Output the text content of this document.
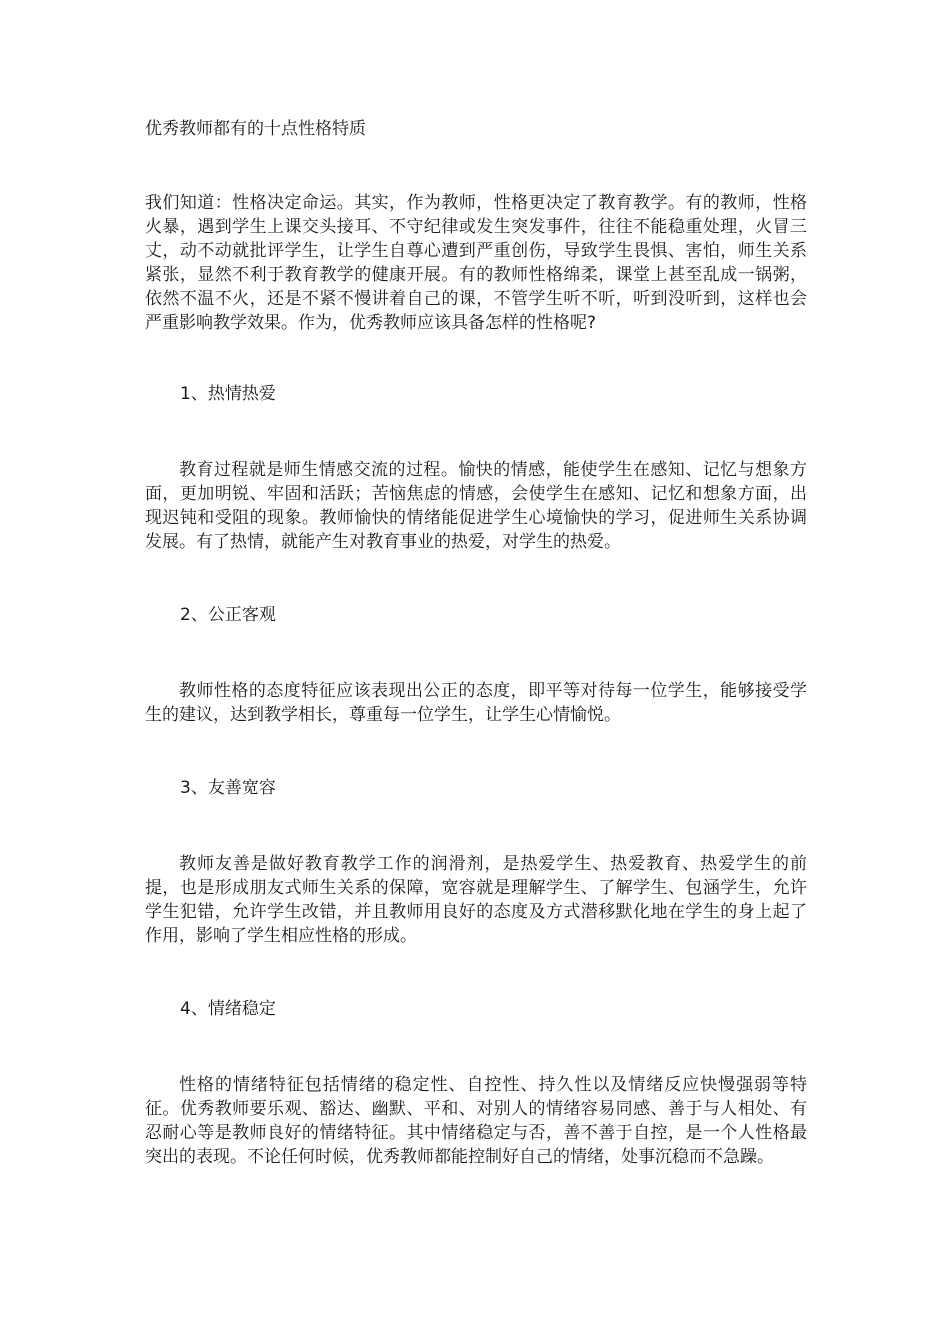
优秀教师都有的十点性格特质

我们知道：性格决定命运。其实，作为教师，性格更决定了教育教学。有的教师，性格火暴，遇到学生上课交头接耳、不守纪律或发生突发事件，往往不能稳重处理，火冒三丈，动不动就批评学生，让学生自尊心遭到严重创伤，导致学生畏惧、害怕，师生关系紧张，显然不利于教育教学的健康开展。有的教师性格绵柔，课堂上甚至乱成一锅粥，依然不温不火，还是不紧不慢讲着自己的课，不管学生听不听，听到没听到，这样也会严重影响教学效果。作为，优秀教师应该具备怎样的性格呢?

1、热情热爱

教育过程就是师生情感交流的过程。愉快的情感，能使学生在感知、记忆与想象方面，更加明锐、牢固和活跃；苦恼焦虑的情感，会使学生在感知、记忆和想象方面，出现迟钝和受阻的现象。教师愉快的情绪能促进学生心境愉快的学习，促进师生关系协调发展。有了热情，就能产生对教育事业的热爱，对学生的热爱。

2、公正客观

教师性格的态度特征应该表现出公正的态度，即平等对待每一位学生，能够接受学生的建议，达到教学相长，尊重每一位学生，让学生心情愉悦。

3、友善宽容

教师友善是做好教育教学工作的润滑剂，是热爱学生、热爱教育、热爱学生的前提，也是形成朋友式师生关系的保障，宽容就是理解学生、了解学生、包涵学生，允许学生犯错，允许学生改错，并且教师用良好的态度及方式潜移默化地在学生的身上起了作用，影响了学生相应性格的形成。

4、情绪稳定

性格的情绪特征包括情绪的稳定性、自控性、持久性以及情绪反应快慢强弱等特征。优秀教师要乐观、豁达、幽默、平和、对别人的情绪容易同感、善于与人相处、有忍耐心等是教师良好的情绪特征。其中情绪稳定与否，善不善于自控，是一个人性格最突出的表现。不论任何时候，优秀教师都能控制好自己的情绪，处事沉稳而不急躁。
